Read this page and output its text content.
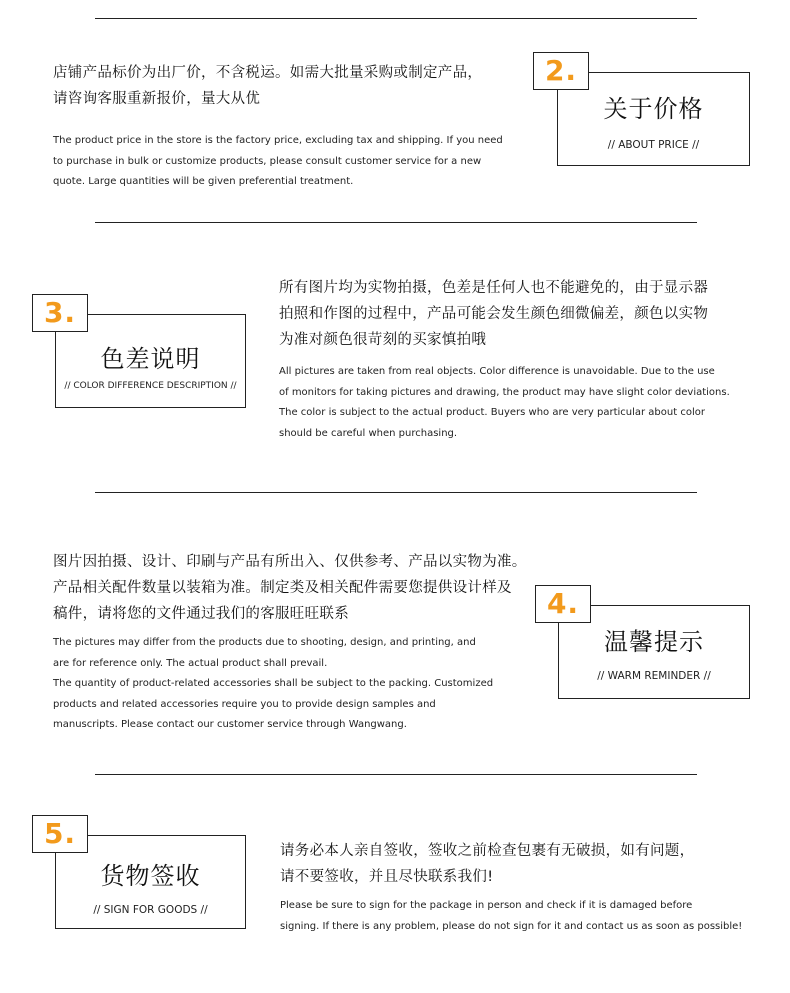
店铺产品标价为出厂价，不含税运。如需大批量采购或制定产品，
请咨询客服重新报价，量大从优
The product price in the store is the factory price, excluding tax and shipping. If you need
to purchase in bulk or customize products, please consult customer service for a new
quote. Large quantities will be given preferential treatment.
关于价格
// ABOUT PRICE //
2.
色差说明
// COLOR DIFFERENCE DESCRIPTION //
3.
所有图片均为实物拍摄，色差是任何人也不能避免的，由于显示器
拍照和作图的过程中，产品可能会发生颜色细微偏差，颜色以实物
为准对颜色很苛刻的买家慎拍哦
All pictures are taken from real objects. Color difference is unavoidable. Due to the use
of monitors for taking pictures and drawing, the product may have slight color deviations.
The color is subject to the actual product. Buyers who are very particular about color
should be careful when purchasing.
图片因拍摄、设计、印刷与产品有所出入、仅供参考、产品以实物为准。
产品相关配件数量以装箱为准。制定类及相关配件需要您提供设计样及
稿件，请将您的文件通过我们的客服旺旺联系
The pictures may differ from the products due to shooting, design, and printing, and
are for reference only. The actual product shall prevail.
The quantity of product-related accessories shall be subject to the packing. Customized
products and related accessories require you to provide design samples and
manuscripts. Please contact our customer service through Wangwang.
温馨提示
// WARM REMINDER //
4.
货物签收
// SIGN FOR GOODS //
5.
请务必本人亲自签收，签收之前检查包裹有无破损，如有问题，
请不要签收，并且尽快联系我们!
Please be sure to sign for the package in person and check if it is damaged before
signing. If there is any problem, please do not sign for it and contact us as soon as possible!
